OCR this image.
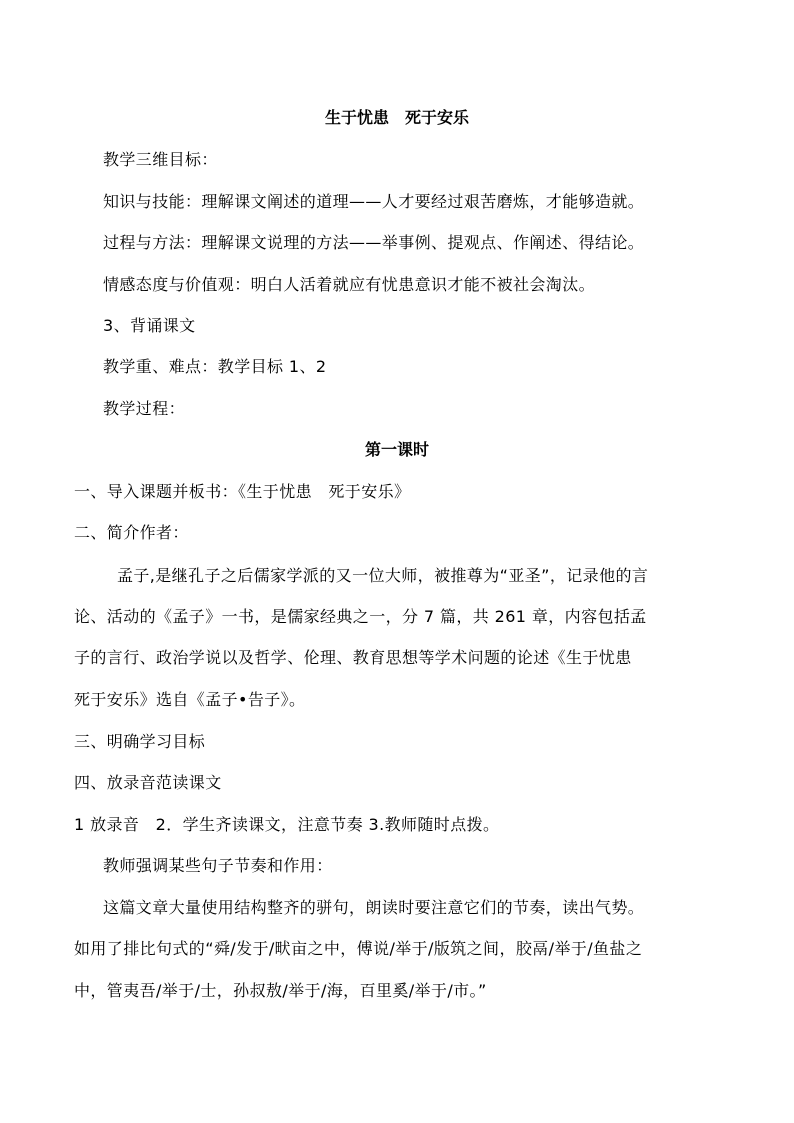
生于忧患　死于安乐
教学三维目标：
知识与技能：理解课文阐述的道理——人才要经过艰苦磨炼，才能够造就。
过程与方法：理解课文说理的方法——举事例、提观点、作阐述、得结论。
情感态度与价值观：明白人活着就应有忧患意识才能不被社会淘汰。
3、背诵课文
教学重、难点：教学目标 1、2
教学过程：
第一课时
一、导入课题并板书：《生于忧患　死于安乐》
二、简介作者：
孟子,是继孔子之后儒家学派的又一位大师，被推尊为“亚圣”，记录他的言
论、活动的《孟子》一书，是儒家经典之一，分 7 篇，共 261 章，内容包括孟
子的言行、政治学说以及哲学、伦理、教育思想等学术问题的论述《生于忧患
死于安乐》选自《孟子•告子》。
三、明确学习目标
四、放录音范读课文
1 放录音　2．学生齐读课文，注意节奏 3.教师随时点拨。
教师强调某些句子节奏和作用：
这篇文章大量使用结构整齐的骈句，朗读时要注意它们的节奏，读出气势。
如用了排比句式的“舜/发于/畎亩之中，傅说/举于/版筑之间，胶鬲/举于/鱼盐之
中，管夷吾/举于/士，孙叔敖/举于/海，百里奚/举于/市。”
